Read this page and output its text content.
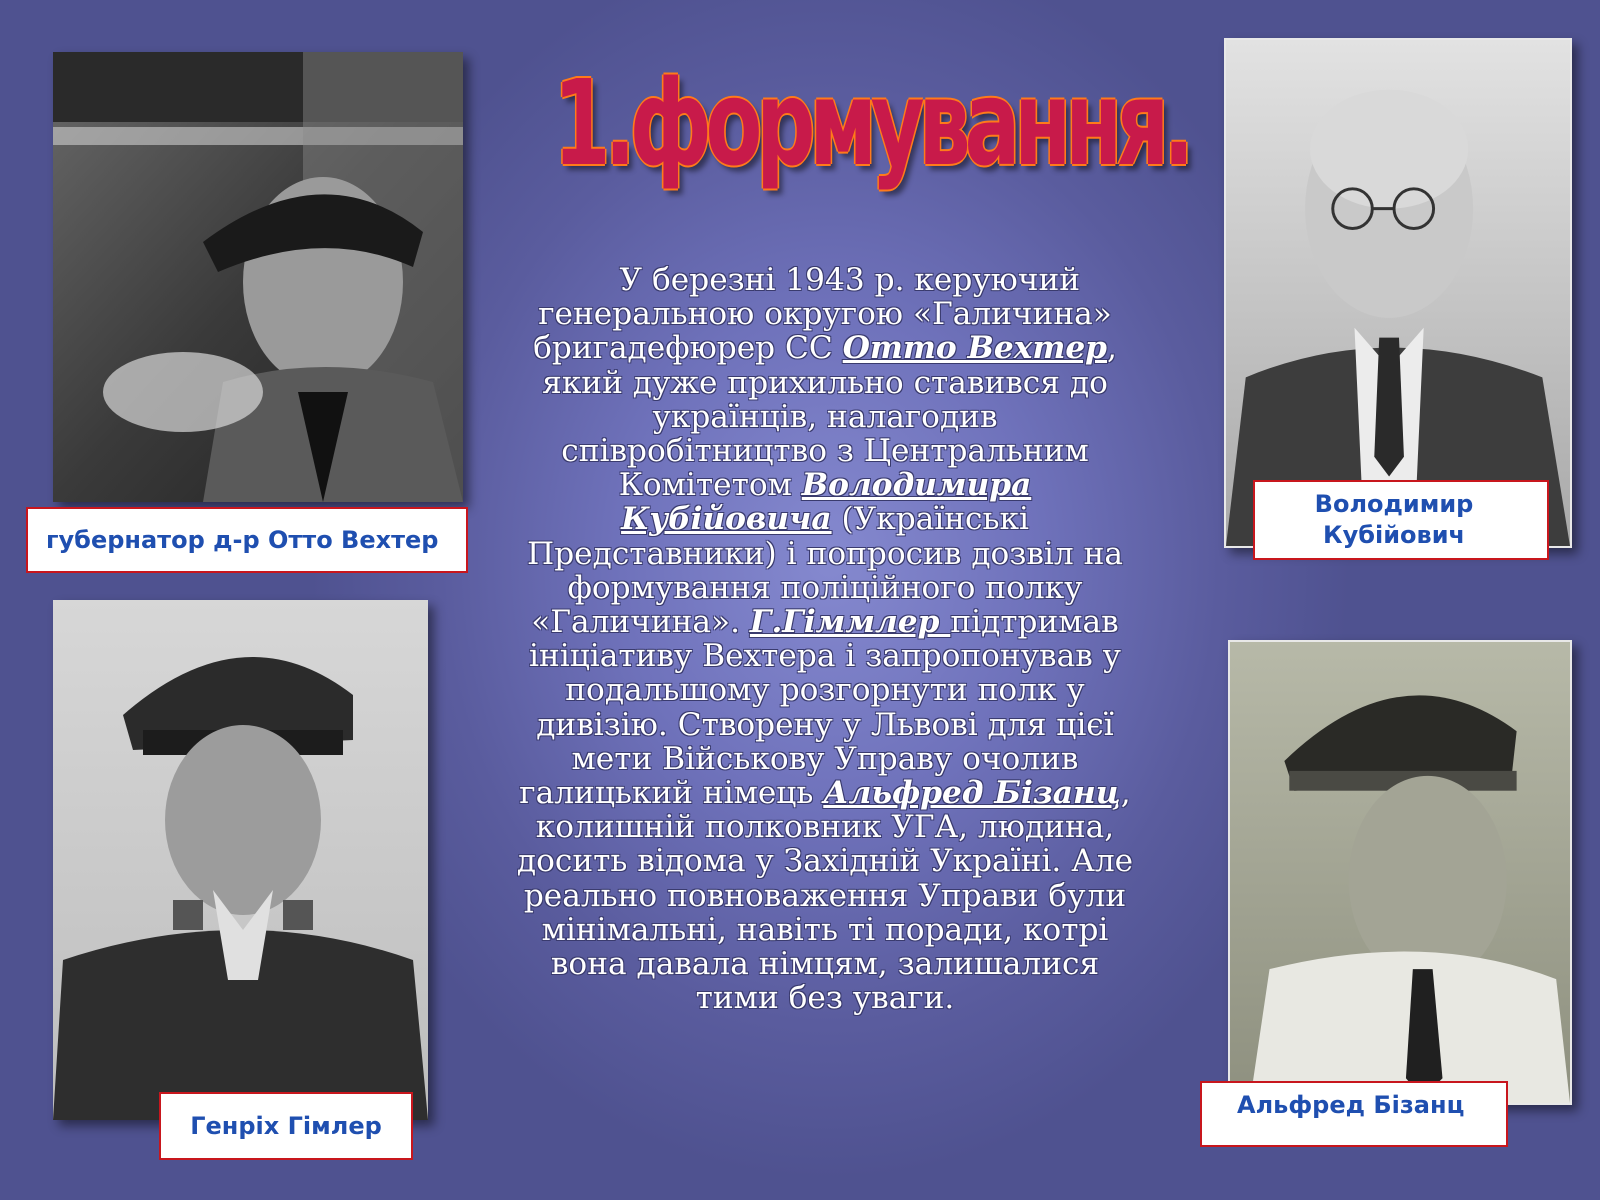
губернатор д-р Отто Вехтер
Володимир Кубійович
Генріх Гімлер
Альфред Бізанц
1.формування.
У березні 1943 р. керуючий генеральною округою «Галичина» бригадефюрер СС Отто Вехтер, який дуже прихильно ставився до українців, налагодив співробітництво з Центральним Комітетом Володимира Кубійовича (Українські Представники) і попросив дозвіл на формування поліційного полку «Галичина». Г.Гіммлер підтримав ініціативу Вехтера і запропонував у подальшому розгорнути полк у дивізію. Створену у Львові для цієї мети Військову Управу очолив галицький німець Альфред Бізанц, колишній полковник УГА, людина, досить відома у Західній Україні. Але реально повноваження Управи були мінімальні, навіть ті поради, котрі вона давала німцям, залишалися тими без уваги.
